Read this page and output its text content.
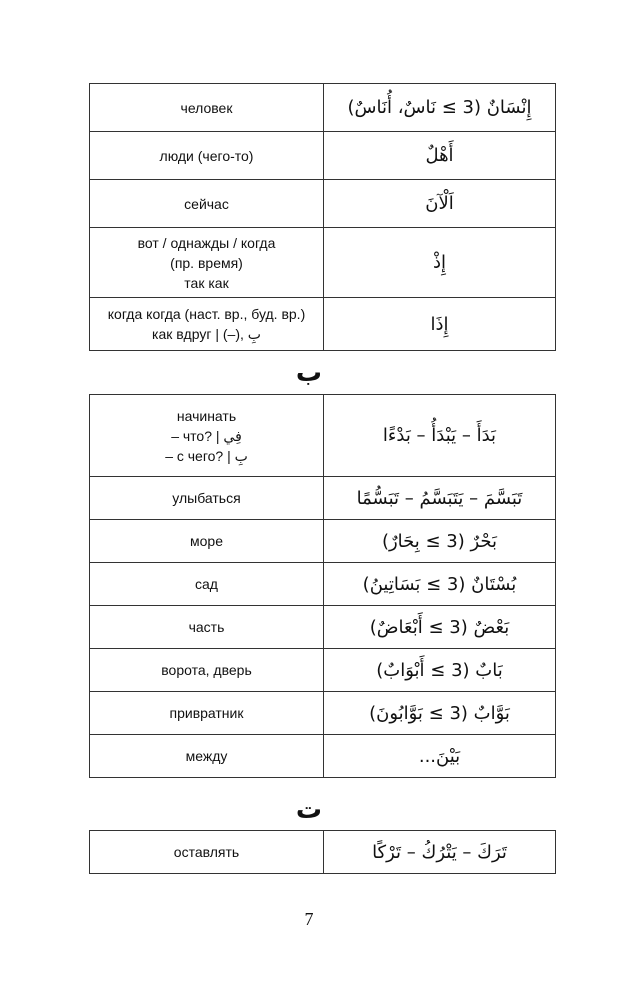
человек	إِنْسَانٌ (3 ≥ نَاسٌ، أُنَاسٌ)

люди (чего-то)	أَهْلٌ

сейчас	اَلْآنَ

вот / однажды / когда
(пр. время)
так как	إِذْ

когда когда (наст. вр., буд. вр.)
как вдруг | (–), بِ	إِذَا
ب
начинать
– что? | فِي
– с чего? | بِ	بَدَأَ – يَبْدَأُ – بَدْءًا

улыбаться	تَبَسَّمَ – يَتَبَسَّمُ – تَبَسُّمًا

море	بَحْرٌ (3 ≥ بِحَارٌ)

сад	بُسْتَانٌ (3 ≥ بَسَاتِينُ)

часть	بَعْضٌ (3 ≥ أَبْعَاضٌ)

ворота, дверь	بَابٌ (3 ≥ أَبْوَابٌ)

привратник	بَوَّابٌ (3 ≥ بَوَّابُونَ)

между	بَيْنَ...
ت
оставлять	تَرَكَ – يَتْرُكُ – تَرْكًا
7
